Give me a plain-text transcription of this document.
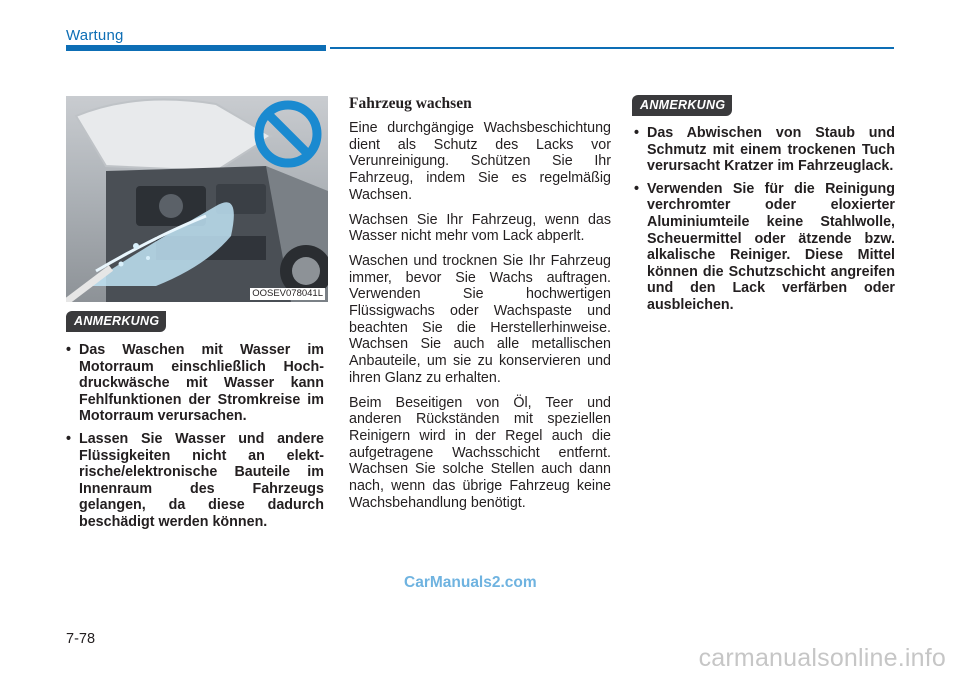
Wartung
OOSEV078041L
ANMERKUNG
• Das Waschen mit Wasser im Motorraum einschließlich Hochdruckwäsche mit Wasser kann Fehlfunktionen der Stromkreise im Motorraum verursachen.
• Lassen Sie Wasser und andere Flüssigkeiten nicht an elektrische/elektronische Bauteile im Innenraum des Fahrzeugs gelangen, da diese dadurch beschädigt werden können.
Fahrzeug wachsen

Eine durchgängige Wachsbeschichtung dient als Schutz des Lacks vor Verunreinigung. Schützen Sie Ihr Fahrzeug, indem Sie es regelmäßig Wachsen.

Wachsen Sie Ihr Fahrzeug, wenn das Wasser nicht mehr vom Lack abperlt.

Waschen und trocknen Sie Ihr Fahrzeug immer, bevor Sie Wachs auftragen. Verwenden Sie hochwertigen Flüssigwachs oder Wachspaste und beachten Sie die Herstellerhinweise. Wachsen Sie auch alle metallischen Anbauteile, um sie zu konservieren und ihren Glanz zu erhalten.

Beim Beseitigen von Öl, Teer und anderen Rückständen mit speziellen Reinigern wird in der Regel auch die aufgetragene Wachsschicht entfernt. Wachsen Sie solche Stellen auch dann nach, wenn das übrige Fahrzeug keine Wachsbehandlung benötigt.

ANMERKUNG
• Das Abwischen von Staub und Schmutz mit einem trockenen Tuch verursacht Kratzer im Fahrzeuglack.
• Verwenden Sie für die Reinigung verchromter oder eloxierter Aluminiumteile keine Stahlwolle, Scheuermittel oder ätzende bzw. alkalische Reiniger. Diese Mittel können die Schutzschicht angreifen und den Lack verfärben oder ausbleichen.
CarManuals2.com
7-78
carmanualsonline.info
